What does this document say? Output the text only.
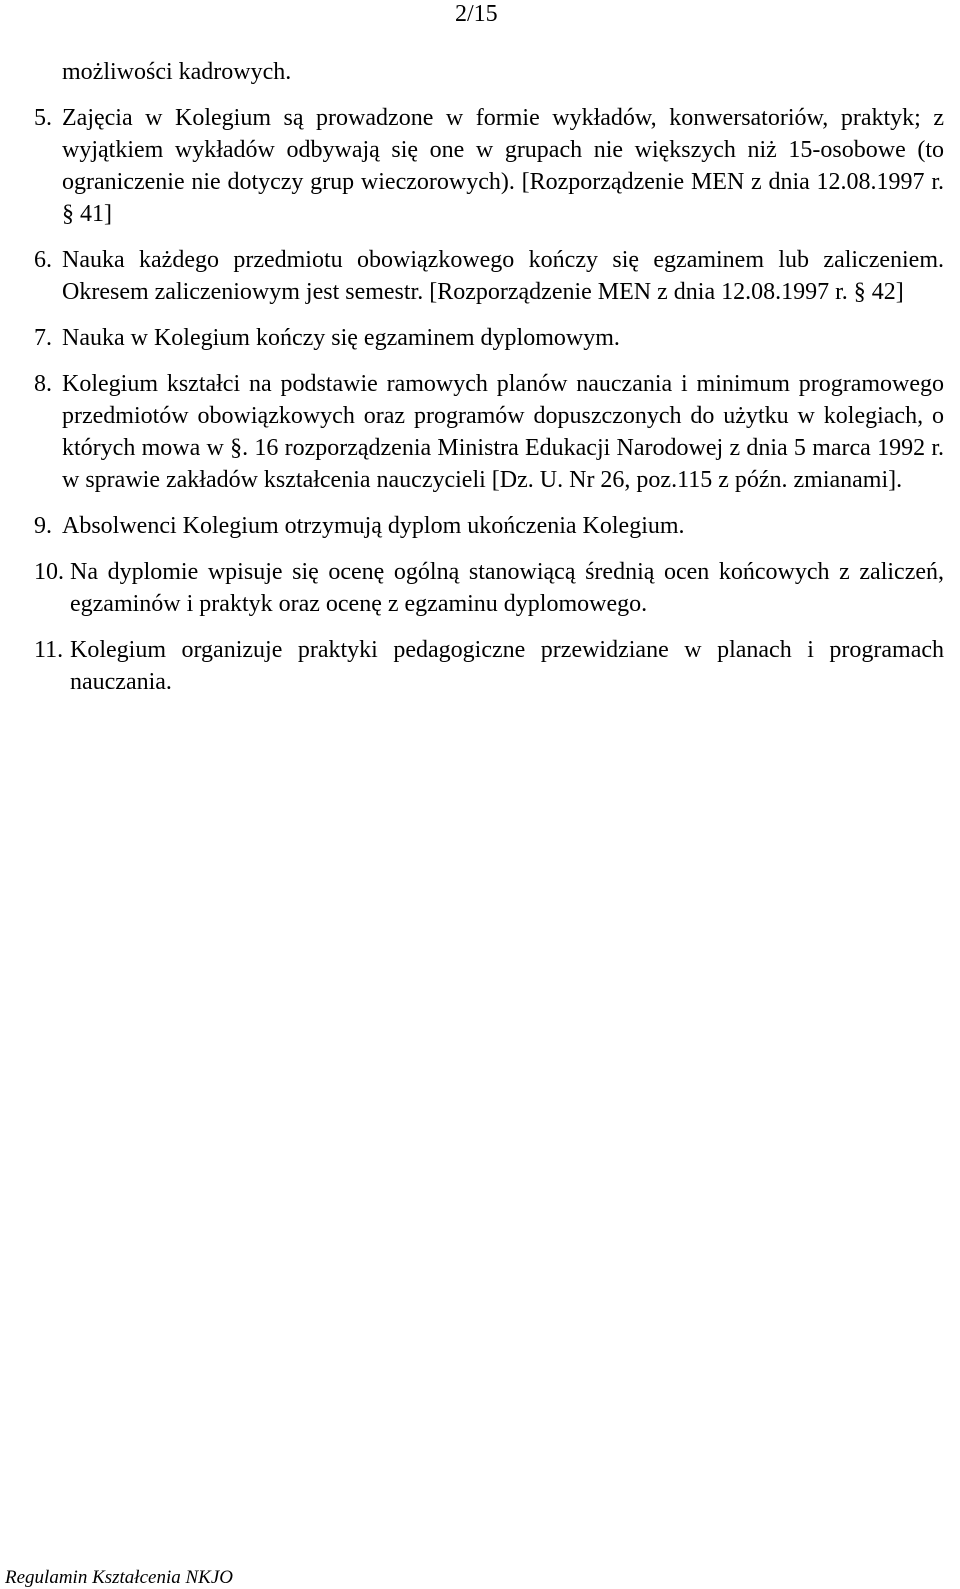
2/15
możliwości kadrowych.
5. Zajęcia w Kolegium są prowadzone w formie wykładów, konwersatoriów, praktyk; z wyjątkiem wykładów odbywają się one w grupach nie większych niż 15-osobowe (to ograniczenie nie dotyczy grup wieczorowych). [Rozporządzenie MEN z dnia 12.08.1997 r. § 41]
6. Nauka każdego przedmiotu obowiązkowego kończy się egzaminem lub zaliczeniem. Okresem zaliczeniowym jest semestr. [Rozporządzenie MEN z dnia 12.08.1997 r. § 42]
7. Nauka w Kolegium kończy się egzaminem dyplomowym.
8. Kolegium kształci na podstawie ramowych planów nauczania i minimum programowego przedmiotów obowiązkowych oraz programów dopuszczonych do użytku w kolegiach, o których mowa w §. 16 rozporządzenia Ministra Edukacji Narodowej z dnia 5 marca 1992 r. w sprawie zakładów kształcenia nauczycieli [Dz. U. Nr 26, poz.115 z późn. zmianami].
9. Absolwenci Kolegium otrzymują dyplom ukończenia Kolegium.
10. Na dyplomie wpisuje się ocenę ogólną stanowiącą średnią ocen końcowych z zaliczeń, egzaminów i praktyk oraz ocenę z egzaminu dyplomowego.
11. Kolegium organizuje praktyki pedagogiczne przewidziane w planach i programach nauczania.
Regulamin Kształcenia NKJO
